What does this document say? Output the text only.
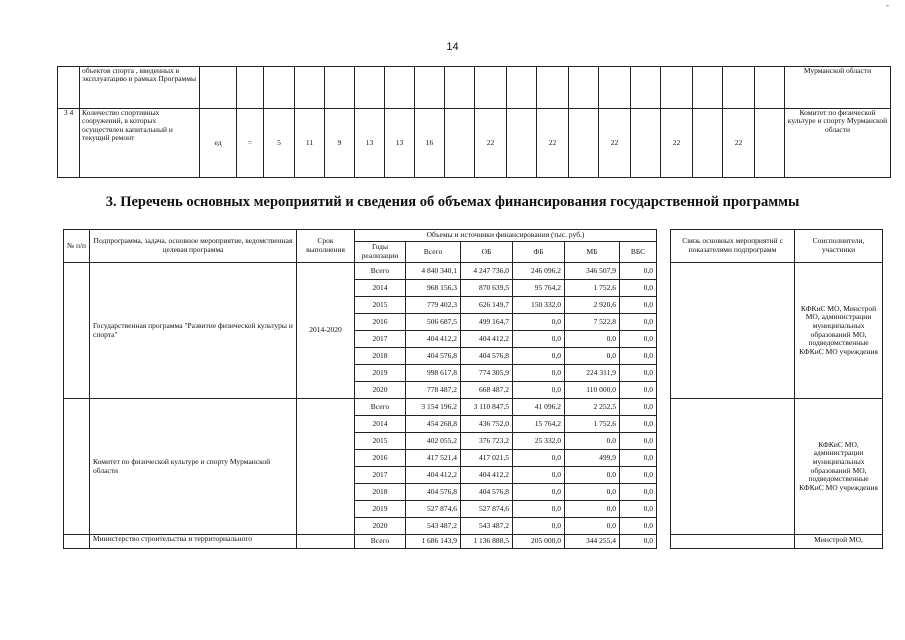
-
14
	объектов спорта , введенных в эксплуатацию в рамках Программы																				Мурманской области
3 4	Количество спортивных сооружений, в которых осуществлен капитальный и текущий ремонт	ед	=	5	11	9	13	13	16		22		22		22		22		22		Комитет по физической культуре и спорту Мурманской области
3. Перечень основных мероприятий и сведения об объемах финансирования государственной программы
№ п/п	Подпрограмма, задача, основное мероприятие, ведомственная целевая программа	Срок выполнения	Объемы и источники финансирования (тыс. руб.)							Связь основных мероприятий с показателями подпрограмм	Соисполнители, участники
			Годы реализации	Всего	ОБ	ФБ	МБ	ВБС			
	Государственная программа "Развитие физической культуры и спорта"	2014-2020	Всего	4 840 340,1	4 247 736,0	246 096,2	346 507,9	0,0			КФКиС МО, Минстрой МО, администрации муниципальных образований МО, подведомственные КФКиС МО учреждения
			2014	968 156,3	870 639,5	95 764,2	1 752,6	0,0			
			2015	779 402,3	626 149,7	150 332,0	2 920,6	0,0			
			2016	506 687,5	499 164,7	0,0	7 522,8	0,0			
			2017	404 412,2	404 412,2	0,0	0,0	0,0			
			2018	404 576,8	404 576,8	0,0	0,0	0,0			
			2019	998 617,8	774 305,9	0,0	224 311,9	0,0			
			2020	778 487,2	668 487,2	0,0	110 000,0	0,0			
	Комитет по физической культуре и спорту Мурманской области		Всего	3 154 196,2	3 110 847,5	41 096,2	2 252,5	0,0			КФКиС МО, администрации муниципальных образований МО, подведомственные КФКиС МО учреждения
			2014	454 268,8	436 752,0	15 764,2	1 752,6	0,0			
			2015	402 055,2	376 723,2	25 332,0	0,0	0,0			
			2016	417 521,4	417 021,5	0,0	499,9	0,0			
			2017	404 412,2	404 412,2	0,0	0,0	0,0			
			2018	404 576,8	404 576,8	0,0	0,0	0,0			
			2019	527 874,6	527 874,6	0,0	0,0	0,0			
			2020	543 487,2	543 487,2	0,0	0,0	0,0			
	Министерство строительства и территориального		Всего	1 686 143,9	1 136 888,5	205 000,0	344 255,4	0,0			Минстрой МО,
